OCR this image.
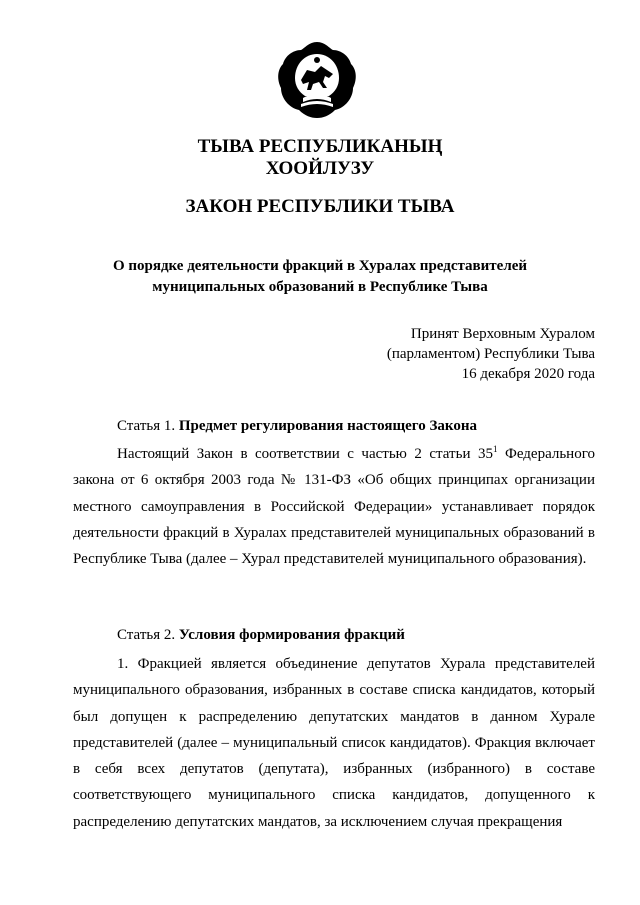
ТЫВА РЕСПУБЛИКАНЫҢ
ХООЙЛУЗУ
ЗАКОН РЕСПУБЛИКИ ТЫВА
О порядке деятельности фракций в Хуралах представителей
муниципальных образований в Республике Тыва
Принят Верховным Хуралом
(парламентом) Республики Тыва
16 декабря 2020 года
Статья 1. Предмет регулирования настоящего Закона

Настоящий Закон в соответствии с частью 2 статьи $35^1$ Федерального закона от 6 октября 2003 года № 131-ФЗ «Об общих принципах организации местного самоуправления в Российской Федерации» устанавливает порядок деятельности фракций в Хуралах представителей муниципальных образований в Республике Тыва (далее – Хурал представителей муниципального образования).

Статья 2. Условия формирования фракций

1. Фракцией является объединение депутатов Хурала представителей муниципального образования, избранных в составе списка кандидатов, который был допущен к распределению депутатских мандатов в данном Хурале представителей (далее – муниципальный список кандидатов). Фракция включает в себя всех депутатов (депутата), избранных (избранного) в составе соответствующего муниципального списка кандидатов, допущенного к распределению депутатских мандатов, за исключением случая прекращения
